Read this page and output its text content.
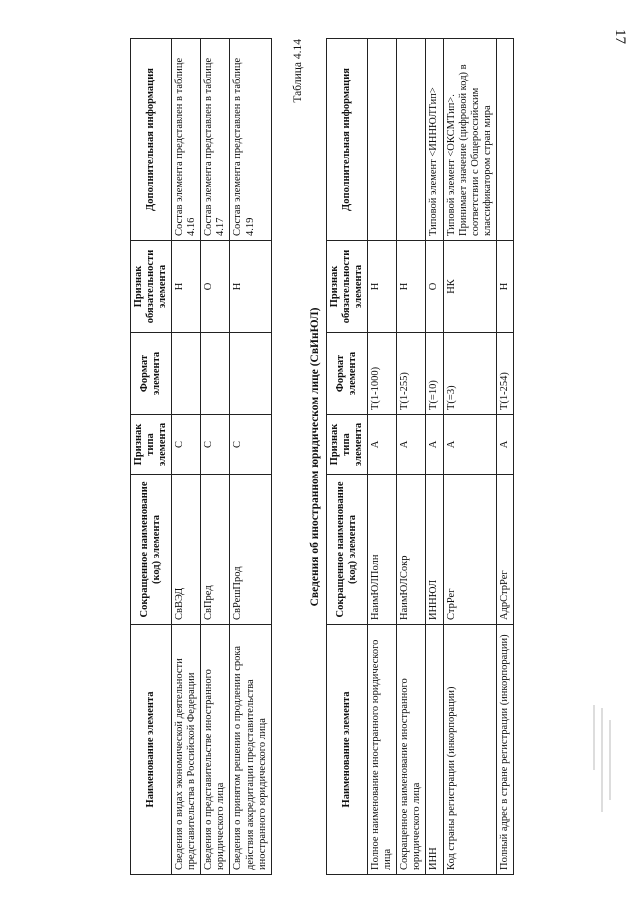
17
Наименование элемента	Сокращенное наименование (код) элемента	Признак типа элемента	Формат элемента	Признак обязательности элемента	Дополнительная информация
Сведения о видах экономической деятельности представительства в Российской Федерации	СвВЭД	С		Н	Состав элемента представлен в таблице 4.16
Сведения о представительстве иностранного юридического лица	СвПред	С		О	Состав элемента представлен в таблице 4.17
Сведения о принятом решении о продлении срока действия аккредитации представительства иностранного юридического лица	СвРешПрод	С		Н	Состав элемента представлен в таблице 4.19
Таблица 4.14
Сведения об иностранном юридическом лице (СвИнЮЛ)
Наименование элемента	Сокращенное наименование (код) элемента	Признак типа элемента	Формат элемента	Признак обязательности элемента	Дополнительная информация
Полное наименование иностранного юридического лица	НаимЮЛПолн	А	T(1-1000)	Н	
Сокращенное наименование иностранного юридического лица	НаимЮЛСокр	А	T(1-255)	Н	
ИНН	ИННЮЛ	А	T(=10)	О	Типовой элемент <ИННЮЛТип>
Код страны регистрации (инкорпорации)	СтрРег	А	T(=3)	НК	Типовой элемент <ОКСМТип>. Принимает значение (цифровой код) в соответствии с Общероссийским классификатором стран мира
Полный адрес в стране регистрации (инкорпорации)	АдрСтрРег	А	T(1-254)	Н	
